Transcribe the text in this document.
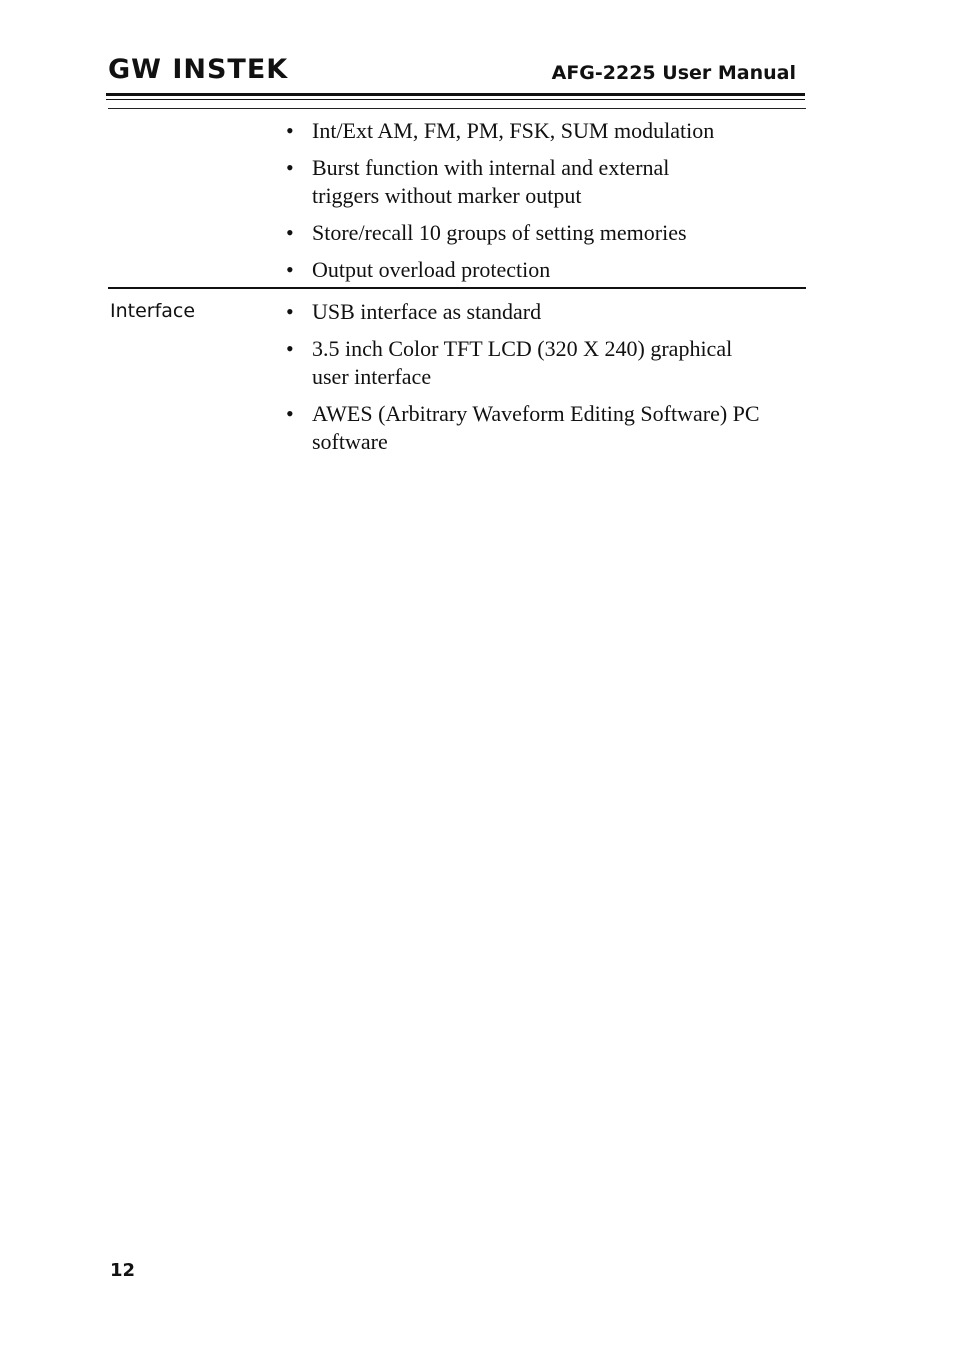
GW INSTEK	AFG-2225 User Manual
• Int/Ext AM, FM, PM, FSK, SUM modulation
• Burst function with internal and external triggers without marker output
• Store/recall 10 groups of setting memories
• Output overload protection
Interface
•	USB interface as standard
• 3.5 inch Color TFT LCD (320 X 240) graphical user interface
• AWES (Arbitrary Waveform Editing Software) PC software
12
